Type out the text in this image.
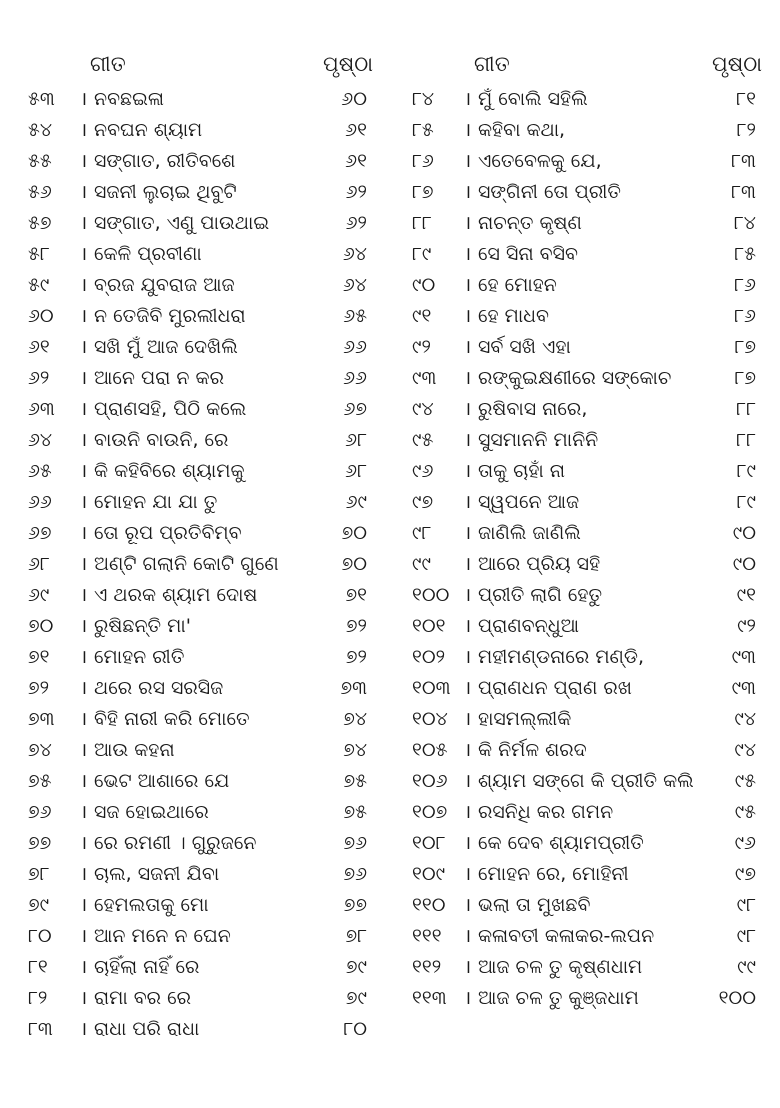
ଗୀତ	ପୃଷ୍ଠା
୫୩ । ନବଛଇଳା	୬୦
୫୪ । ନବଘନ ଶ୍ୟାମ	୬୧
୫୫ । ସଙ୍ଗାତ, ରୀତିବଶେ	୬୧
୫୬ । ସଜନୀ ଲୁଚାଇ ଥିବୁଟି	୬୨
୫୭ । ସଙ୍ଗାତ, ଏଣୁ ପାଉଥାଇ	୬୨
୫୮ । କେଳି ପ୍ରବୀଣା	୬୪
୫୯ । ବ୍ରଜ ଯୁବରାଜ ଆଜ	୬୪
୬୦ । ନ ତେଜିବି ମୁରଲୀଧରା	୬୫
୬୧ । ସଖି ମୁଁ ଆଜ ଦେଖିଲି	୬୬
୬୨ । ଆନେ ପରା ନ କର	୬୬
୬୩ । ପ୍ରାଣସହି, ପିଠି କଲେ	୬୭
୬୪ । ବାଉନି ବାଉନି, ରେ	୬୮
୬୫ । କି କହିବିରେ ଶ୍ୟାମକୁ	୬୮
୬୬ । ମୋହନ ଯା ଯା ତୁ	୬୯
୬୭ । ତୋ ରୂପ ପ୍ରତିବିମ୍ବ	୭୦
୬୮ । ଅଣ୍ଟି ଗଲାନି କୋଟି ଗୁଣେ	୭୦
୬୯ । ଏ ଥରକ ଶ୍ୟାମ ଦୋଷ	୭୧
୭୦ । ରୁଷିଛନ୍ତି ମା'	୭୨
୭୧ । ମୋହନ ରୀତି	୭୨
୭୨ । ଥରେ ରସ ସରସିଜ	୭୩
୭୩ । ବିହି ନାରୀ କରି ମୋତେ	୭୪
୭୪ । ଆଉ କହନା	୭୪
୭୫ । ଭେଟ ଆଶାରେ ଯେ	୭୫
୭୬ । ସଜ ହୋଇଥାରେ	୭୫
୭୭ । ରେ ରମଣୀ । ଗୁରୁଜନେ	୭୬
୭୮ । ଚାଲ, ସଜନୀ ଯିବା	୭୬
୭୯ । ହେମଲତାକୁ ମୋ	୭୭
୮୦ । ଆନ ମନେ ନ ଘେନ	୭୮
୮୧ । ଚାହିଁଲା ନାହିଁ ରେ	୭୯
୮୨ । ରାମା ବର ରେ	୭୯
୮୩ । ରାଧା ପରି ରାଧା	୮୦
ଗୀତ	ପୃଷ୍ଠା
୮୪ । ମୁଁ ବୋଲି ସହିଲି	୮୧
୮୫ । କହିବା କଥା,	୮୨
୮୬ । ଏତେବେଳକୁ ଯେ,	୮୩
୮୭ । ସଙ୍ଗିନୀ ତୋ ପ୍ରୀତି	୮୩
୮୮ । ନାଚନ୍ତ କୃଷ୍ଣ	୮୪
୮୯ । ସେ ସିନା ବସିବ	୮୫
୯୦ । ହେ ମୋହନ	୮୬
୯୧ । ହେ ମାଧବ	୮୬
୯୨ । ସର୍ବ ସଖି ଏହା	୮୭
୯୩ । ରଙ୍କୁଇକ୍ଷଣୀରେ ସଙ୍କୋଚ	୮୭
୯୪ । ରୁଷିବାସ ନାରେ,	୮୮
୯୫ । ସୁସମାନନି ମାନିନି	୮୮
୯୬ । ତାକୁ ଚାହାଁ ନା	୮୯
୯୭ । ସ୍ୱପନେ ଆଜ	୮୯
୯୮ । ଜାଣିଲି ଜାଣିଲି	୯୦
୯୯ । ଆରେ ପ୍ରିୟ ସହି	୯୦
୧୦୦ । ପ୍ରୀତି ଲାଗି ହେତୁ	୯୧
୧୦୧ । ପ୍ରାଣବନ୍ଧୁଆ	୯୨
୧୦୨ । ମହୀମଣ୍ଡନାରେ ମଣ୍ଡି,	୯୩
୧୦୩ । ପ୍ରାଣଧନ ପ୍ରାଣ ରଖ	୯୩
୧୦୪ । ହାସମଲ୍ଲୀକି	୯୪
୧୦୫ । କି ନିର୍ମଳ ଶରଦ	୯୪
୧୦୬ । ଶ୍ୟାମ ସଙ୍ଗେ କି ପ୍ରୀତି କଲି ୯୫
୧୦୭ । ରସନିଧି କର ଗମନ	୯୫
୧୦୮ । କେ ଦେବ ଶ୍ୟାମପ୍ରୀତି	୯୬
୧୦୯ । ମୋହନ ରେ, ମୋହିନୀ	୯୭
୧୧୦ । ଭଲା ତା ମୁଖଛବି	୯୮
୧୧୧ । କଳାବତୀ କଳାକର-ଲପନ	୯୮
୧୧୨ । ଆଜ ଚଳ ତୁ କୃଷ୍ଣଧାମ	୯୯
୧୧୩ । ଆଜ ଚଳ ତୁ କୁଞ୍ଜଧାମ	୧୦୦
